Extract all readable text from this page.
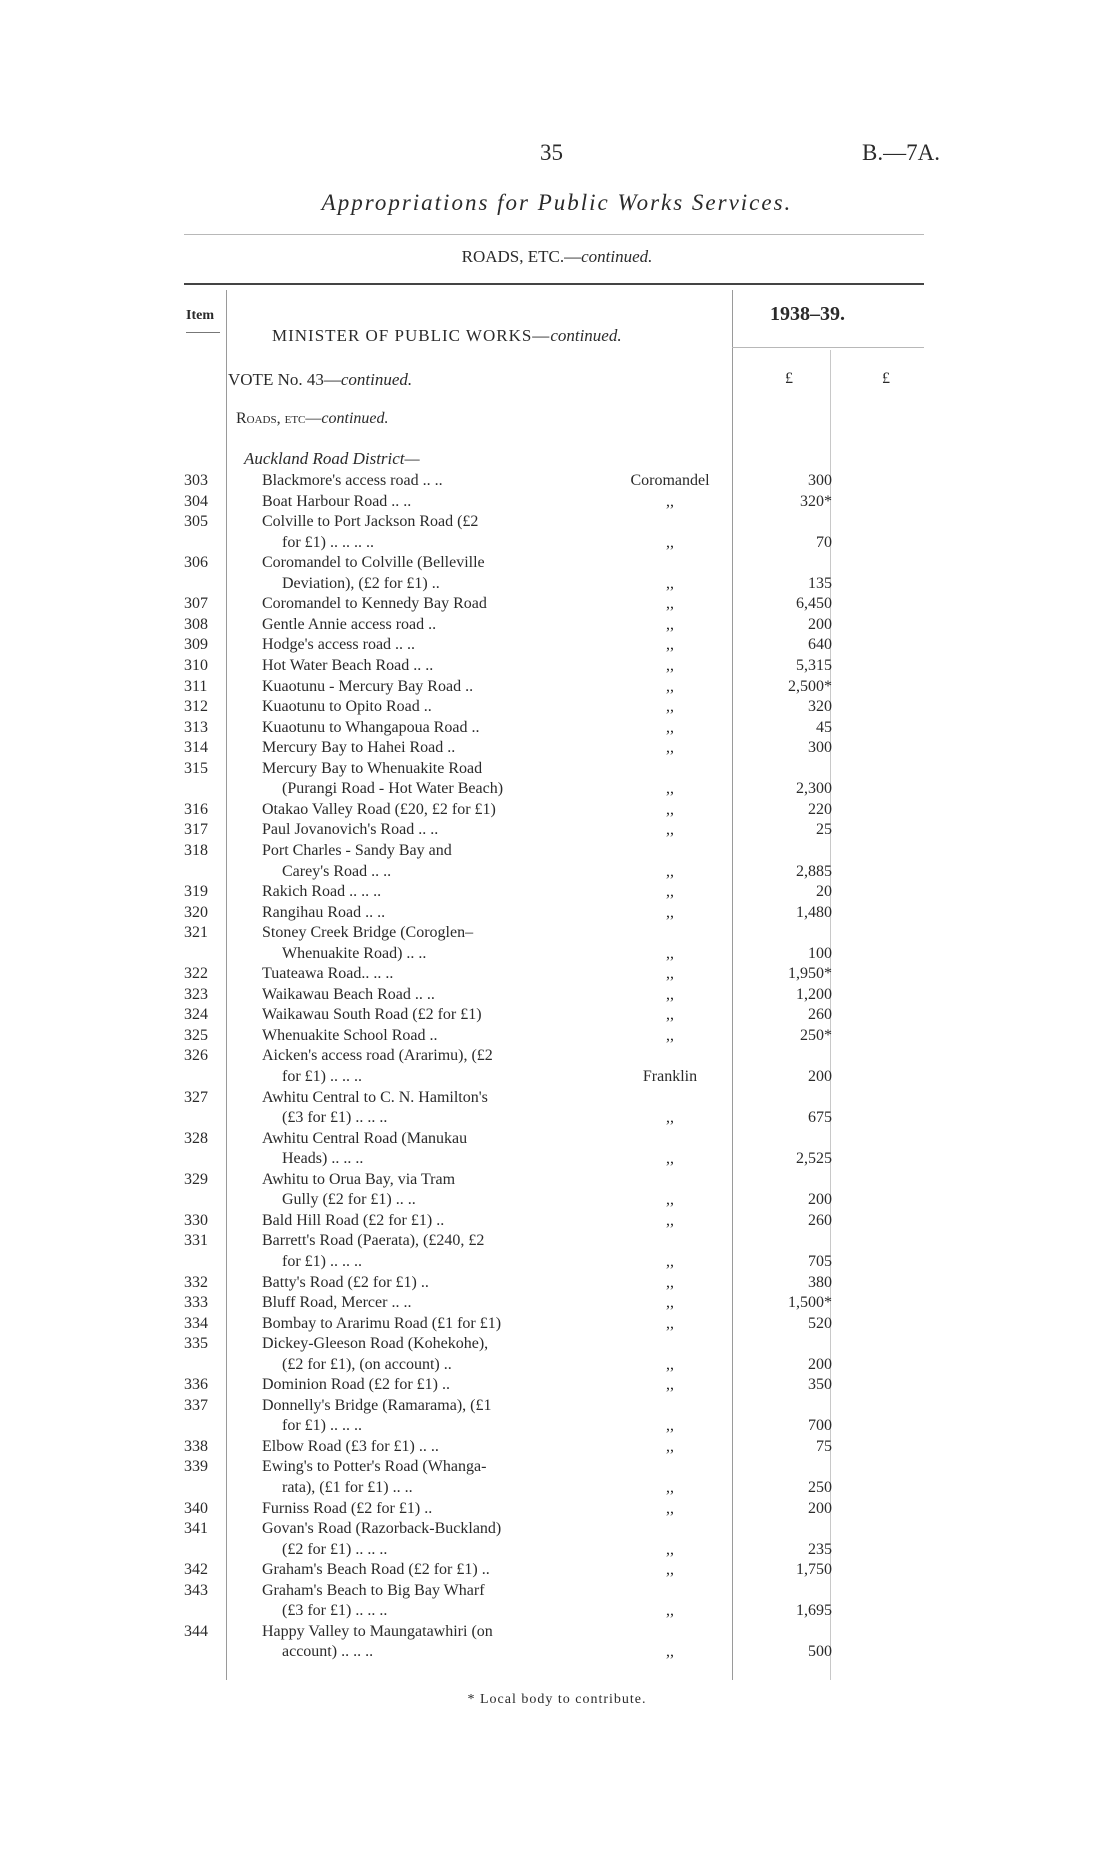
35	B.—7A.
Appropriations for Public Works Services.
ROADS, ETC.—continued.
Item	1938–39.
MINISTER OF PUBLIC WORKS—continued.
VOTE No. 43—continued.	£	£
Roads, etc—continued.
Auckland Road District—
303	Blackmore's access road .. ..	Coromandel	300
304	Boat Harbour Road .. ..	,,	320*
305	Colville to Port Jackson Road (£2
for £1) .. .. .. ..	,,	70
306	Coromandel to Colville (Belleville
Deviation), (£2 for £1) ..	,,	135
307	Coromandel to Kennedy Bay Road	,,	6,450
308	Gentle Annie access road ..	,,	200
309	Hodge's access road .. ..	,,	640
310	Hot Water Beach Road .. ..	,,	5,315
311	Kuaotunu - Mercury Bay Road ..	,,	2,500*
312	Kuaotunu to Opito Road ..	,,	320
313	Kuaotunu to Whangapoua Road ..	,,	45
314	Mercury Bay to Hahei Road ..	,,	300
315	Mercury Bay to Whenuakite Road
(Purangi Road - Hot Water Beach)	,,	2,300
316	Otakao Valley Road (£20, £2 for £1)	,,	220
317	Paul Jovanovich's Road .. ..	,,	25
318	Port Charles - Sandy Bay and
Carey's Road .. ..	,,	2,885
319	Rakich Road .. .. ..	,,	20
320	Rangihau Road .. ..	,,	1,480
321	Stoney Creek Bridge (Coroglen–
Whenuakite Road) .. ..	,,	100
322	Tuateawa Road.. .. ..	,,	1,950*
323	Waikawau Beach Road .. ..	,,	1,200
324	Waikawau South Road (£2 for £1)	,,	260
325	Whenuakite School Road ..	,,	250*
326	Aicken's access road (Ararimu), (£2
for £1) .. .. ..	Franklin	200
327	Awhitu Central to C. N. Hamilton's
(£3 for £1) .. .. ..	,,	675
328	Awhitu Central Road (Manukau
Heads) .. .. ..	,,	2,525
329	Awhitu to Orua Bay, via Tram
Gully (£2 for £1) .. ..	,,	200
330	Bald Hill Road (£2 for £1) ..	,,	260
331	Barrett's Road (Paerata), (£240, £2
for £1) .. .. ..	,,	705
332	Batty's Road (£2 for £1) ..	,,	380
333	Bluff Road, Mercer .. ..	,,	1,500*
334	Bombay to Ararimu Road (£1 for £1)	,,	520
335	Dickey-Gleeson Road (Kohekohe),
(£2 for £1), (on account) ..	,,	200
336	Dominion Road (£2 for £1) ..	,,	350
337	Donnelly's Bridge (Ramarama), (£1
for £1) .. .. ..	,,	700
338	Elbow Road (£3 for £1) .. ..	,,	75
339	Ewing's to Potter's Road (Whanga-
rata), (£1 for £1) .. ..	,,	250
340	Furniss Road (£2 for £1) ..	,,	200
341	Govan's Road (Razorback-Buckland)
(£2 for £1) .. .. ..	,,	235
342	Graham's Beach Road (£2 for £1) ..	,,	1,750
343	Graham's Beach to Big Bay Wharf
(£3 for £1) .. .. ..	,,	1,695
344	Happy Valley to Maungatawhiri (on
account) .. .. ..	,,	500
* Local body to contribute.
